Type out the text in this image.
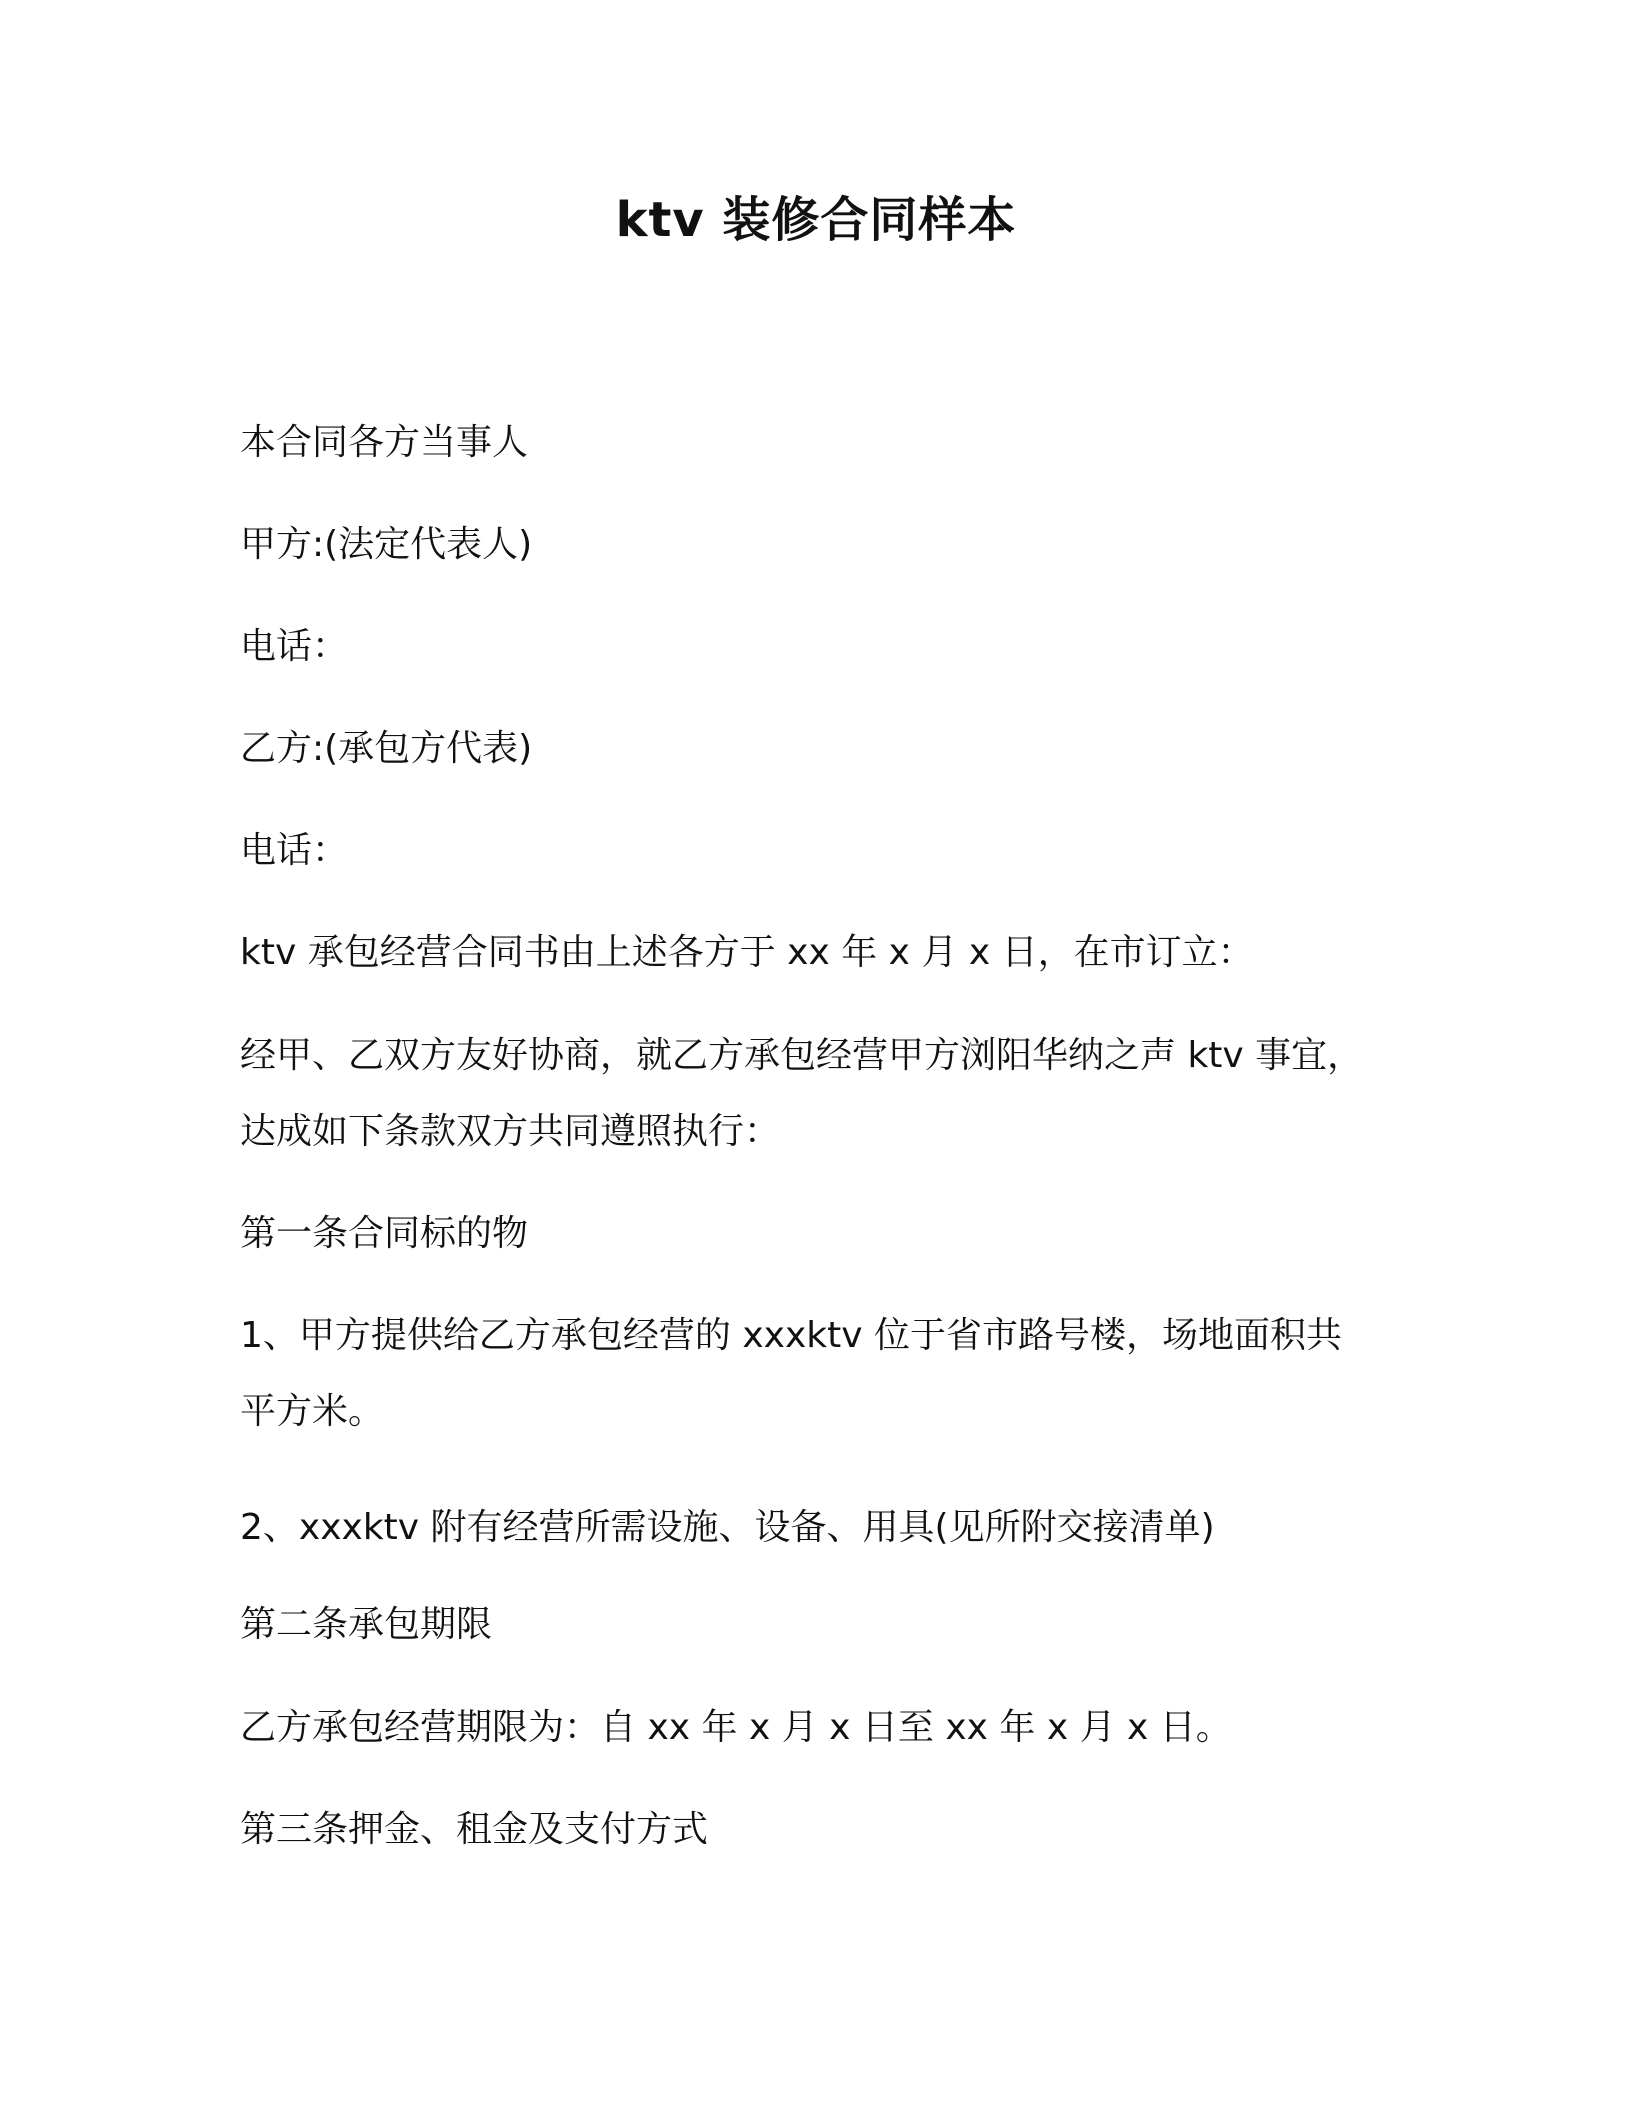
ktv 装修合同样本
本合同各方当事人
甲方:(法定代表人)
电话：
乙方:(承包方代表)
电话：
ktv 承包经营合同书由上述各方于 xx 年 x 月 x 日，在市订立：
经甲、乙双方友好协商，就乙方承包经营甲方浏阳华纳之声 ktv 事宜，
达成如下条款双方共同遵照执行：
第一条合同标的物
1、甲方提供给乙方承包经营的 xxxktv 位于省市路号楼，场地面积共
平方米。
2、xxxktv 附有经营所需设施、设备、用具(见所附交接清单)
第二条承包期限
乙方承包经营期限为：自 xx 年 x 月 x 日至 xx 年 x 月 x 日。
第三条押金、租金及支付方式
